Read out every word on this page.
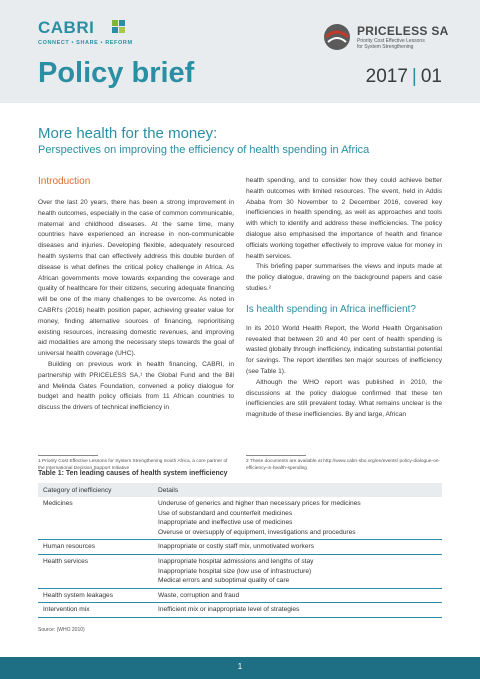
CABRI
CONNECT • SHARE • REFORM
PRICELESS SA
Priority Cost Effective Lessons
for System Strengthening
Policy brief	2017 | 01
More health for the money:
Perspectives on improving the efficiency of health spending in Africa
Introduction

Over the last 20 years, there has been a strong improvement in health outcomes, especially in the case of common communicable, maternal and childhood diseases. At the same time, many countries have experienced an increase in non-communicable diseases and injuries. Developing flexible, adequately resourced health systems that can effectively address this double burden of disease is what defines the critical policy challenge in Africa. As African governments move towards expanding the coverage and quality of healthcare for their citizens, securing adequate financing will be one of the many challenges to be overcome. As noted in CABRI's (2016) health position paper, achieving greater value for money, finding alternative sources of financing, reprioritising existing resources, increasing domestic revenues, and improving aid modalities are among the necessary steps towards the goal of universal health coverage (UHC).

Building on previous work in health financing, CABRI, in partnership with PRICELESS SA,¹ the Global Fund and the Bill and Melinda Gates Foundation, convened a policy dialogue for budget and health policy officials from 11 African countries to discuss the drivers of technical inefficiency in

health spending, and to consider how they could achieve better health outcomes with limited resources. The event, held in Addis Ababa from 30 November to 2 December 2016, covered key inefficiencies in health spending, as well as approaches and tools with which to identify and address these inefficiencies. The policy dialogue also emphasised the importance of health and finance officials working together effectively to improve value for money in health services.

This briefing paper summarises the views and inputs made at the policy dialogue, drawing on the background papers and case studies.²

Is health spending in Africa inefficient?

In its 2010 World Health Report, the World Health Organisation revealed that between 20 and 40 per cent of health spending is wasted globally through inefficiency, indicating substantial potential for savings. The report identifies ten major sources of inefficiency (see Table 1).

Although the WHO report was published in 2010, the discussions at the policy dialogue confirmed that these ten inefficiencies are still prevalent today. What remains unclear is the magnitude of these inefficiencies. By and large, African

1 Priority Cost Effective Lessons for System Strengthening South Africa, a core partner of the International Decision Support Initiative
2 These documents are available at http://www.cabri-sbo.org/en/events/ policy-dialogue-on-efficiency-in-health-spending
Table 1: Ten leading causes of health system inefficiency
Category of inefficiency	Details
Medicines	Underuse of generics and higher than necessary prices for medicines
Use of substandard and counterfeit medicines
Inappropriate and ineffective use of medicines
Overuse or oversupply of equipment, investigations and procedures

Human resources	Inappropriate or costly staff mix, unmotivated workers

Health services	Inappropriate hospital admissions and lengths of stay
Inappropriate hospital size (low use of infrastructure)
Medical errors and suboptimal quality of care

Health system leakages	Waste, corruption and fraud

Intervention mix	Inefficient mix or inappropriate level of strategies
Source: (WHO 2010)
1
